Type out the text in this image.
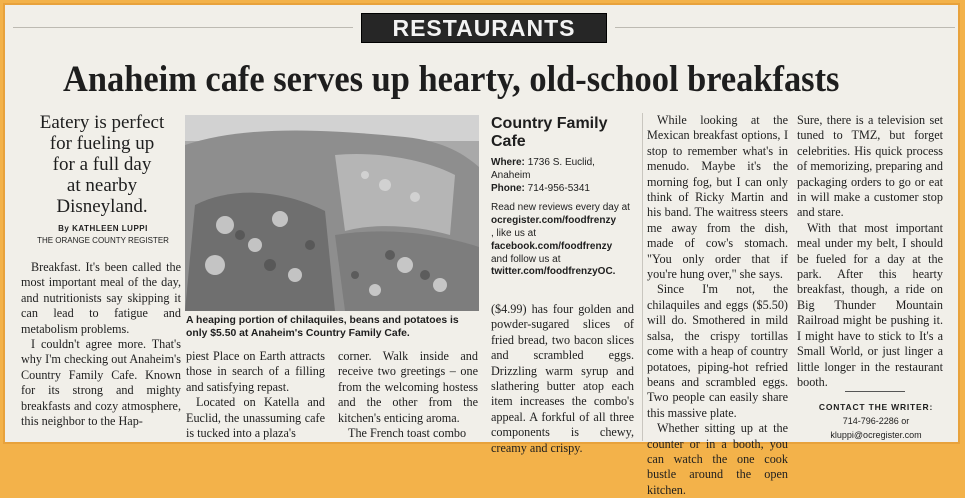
RESTAURANTS
Anaheim cafe serves up hearty, old-school breakfasts
Eatery is perfect
for fueling up
for a full day
at nearby
Disneyland.
By KATHLEEN LUPPI
THE ORANGE COUNTY REGISTER

Breakfast. It's been called the most important meal of the day, and nutritionists say skipping it can lead to fatigue and metabolism problems.

I couldn't agree more. That's why I'm checking out Anaheim's Country Family Cafe. Known for its strong and mighty breakfasts and cozy atmosphere, this neighbor to the Hap-

A heaping portion of chilaquiles, beans and potatoes is only $5.50 at Anaheim's Country Family Cafe.

piest Place on Earth attracts those in search of a filling and satisfying repast.

Located on Katella and Euclid, the unassuming cafe is tucked into a plaza's

corner. Walk inside and receive two greetings – one from the welcoming hostess and the other from the kitchen's enticing aroma.

The French toast combo

Country Family Cafe
Where: 1736 S. Euclid, Anaheim
Phone: 714-956-5341
Read new reviews every day at
ocregister.com/foodfrenzy
, like us at
facebook.com/foodfrenzy
and follow us at
twitter.com/foodfrenzyOC.

($4.99) has four golden and powder-sugared slices of fried bread, two bacon slices and scrambled eggs. Drizzling warm syrup and slathering butter atop each item increases the combo's appeal. A forkful of all three components is chewy, creamy and crispy.

While looking at the Mexican breakfast options, I stop to remember what's in menudo. Maybe it's the morning fog, but I can only think of Ricky Martin and his band. The waitress steers me away from the dish, made of cow's stomach. "You only order that if you're hung over," she says.

Since I'm not, the chilaquiles and eggs ($5.50) will do. Smothered in mild salsa, the crispy tortillas come with a heap of country potatoes, piping-hot refried beans and scrambled eggs. Two people can easily share this massive plate.

Whether sitting up at the counter or in a booth, you can watch the one cook bustle around the open kitchen.

Sure, there is a television set tuned to TMZ, but forget celebrities. His quick process of memorizing, preparing and packaging orders to go or eat in will make a customer stop and stare.

With that most important meal under my belt, I should be fueled for a day at the park. After this hearty breakfast, though, a ride on Big Thunder Mountain Railroad might be pushing it. I might have to stick to It's a Small World, or just linger a little longer in the restaurant booth.

CONTACT THE WRITER:
714-796-2286 or
kluppi@ocregister.com
